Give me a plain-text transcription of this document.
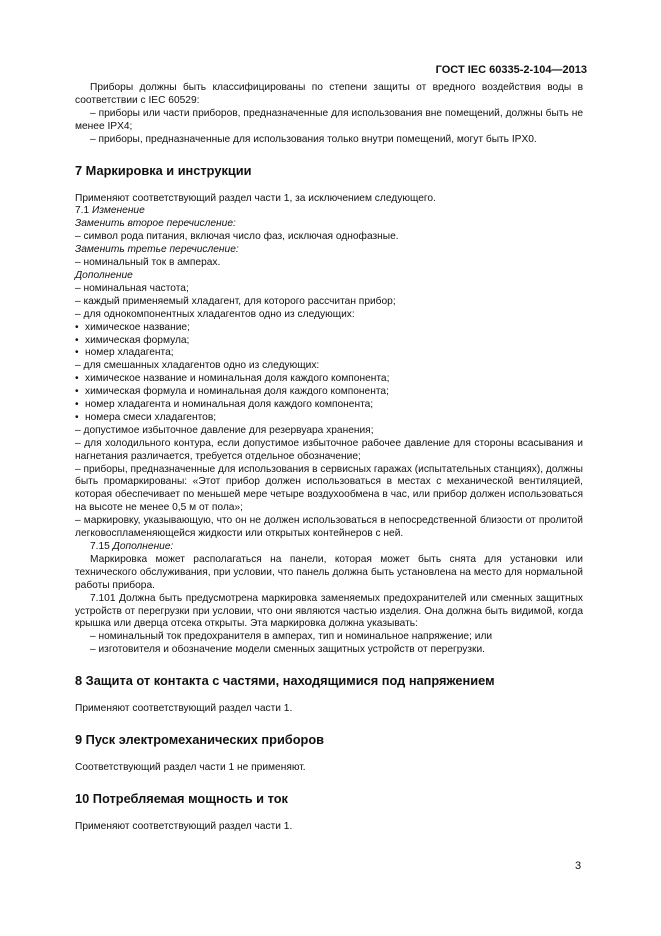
ГОСТ IEC 60335-2-104—2013

Приборы должны быть классифицированы по степени защиты от вредного воздействия воды в соответствии с IEC 60529:

– приборы или части приборов, предназначенные для использования вне помещений, должны быть не менее IPX4;

– приборы, предназначенные для использования только внутри помещений, могут быть IPX0.

7 Маркировка и инструкции

Применяют соответствующий раздел части 1, за исключением следующего.

7.1 Изменение

Заменить второе перечисление:

– символ рода питания, включая число фаз, исключая однофазные.

Заменить третье перечисление:

– номинальный ток в амперах.

Дополнение

– номинальная частота;

– каждый применяемый хладагент, для которого рассчитан прибор;

– для однокомпонентных хладагентов одно из следующих:

• химическое название;
• химическая формула;
• номер хладагента;

– для смешанных хладагентов одно из следующих:

• химическое название и номинальная доля каждого компонента;
• химическая формула и номинальная доля каждого компонента;
• номер хладагента и номинальная доля каждого компонента;
• номера смеси хладагентов;

– допустимое избыточное давление для резервуара хранения;

– для холодильного контура, если допустимое избыточное рабочее давление для стороны всасывания и нагнетания различается, требуется отдельное обозначение;

– приборы, предназначенные для использования в сервисных гаражах (испытательных станциях), должны быть промаркированы: «Этот прибор должен использоваться в местах с механической вентиляцией, которая обеспечивает по меньшей мере четыре воздухообмена в час, или прибор должен использоваться на высоте не менее 0,5 м от пола»;

– маркировку, указывающую, что он не должен использоваться в непосредственной близости от пролитой легковоспламеняющейся жидкости или открытых контейнеров с ней.

7.15 Дополнение:

Маркировка может располагаться на панели, которая может быть снята для установки или технического обслуживания, при условии, что панель должна быть установлена на место для нормальной работы прибора.

7.101 Должна быть предусмотрена маркировка заменяемых предохранителей или сменных защитных устройств от перегрузки при условии, что они являются частью изделия. Она должна быть видимой, когда крышка или дверца отсека открыты. Эта маркировка должна указывать:

– номинальный ток предохранителя в амперах, тип и номинальное напряжение; или

– изготовителя и обозначение модели сменных защитных устройств от перегрузки.

8 Защита от контакта с частями, находящимися под напряжением

Применяют соответствующий раздел части 1.

9 Пуск электромеханических приборов

Соответствующий раздел части 1 не применяют.

10 Потребляемая мощность и ток

Применяют соответствующий раздел части 1.

3
